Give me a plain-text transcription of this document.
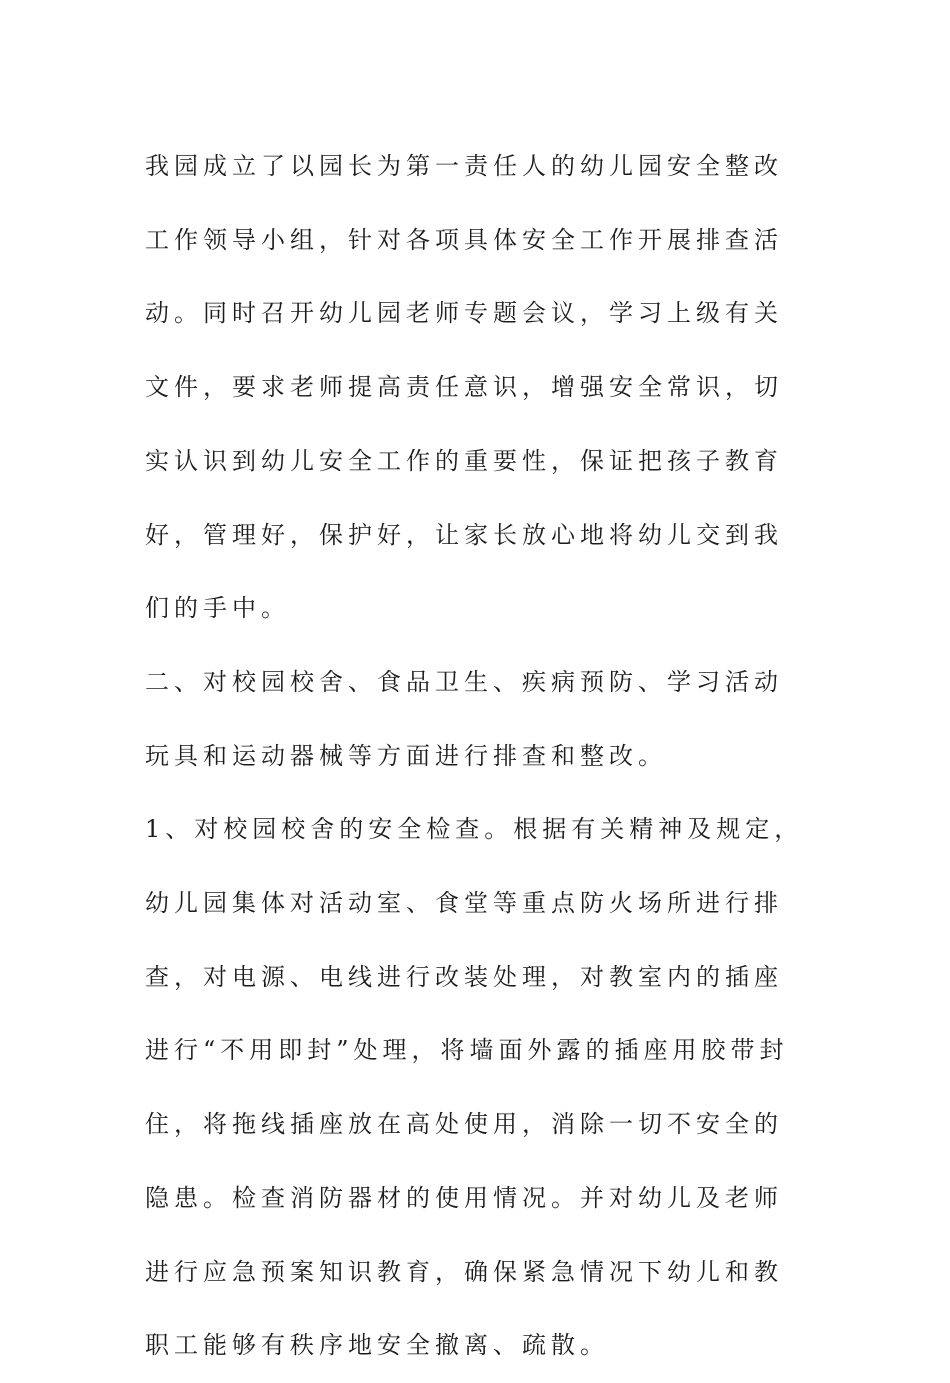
我园成立了以园长为第一责任人的幼儿园安全整改工作领导小组，针对各项具体安全工作开展排查活动。同时召开幼儿园老师专题会议，学习上级有关文件，要求老师提高责任意识，增强安全常识，切实认识到幼儿安全工作的重要性，保证把孩子教育好，管理好，保护好，让家长放心地将幼儿交到我们的手中。

二、对校园校舍、食品卫生、疾病预防、学习活动玩具和运动器械等方面进行排查和整改。

1、对校园校舍的安全检查。根据有关精神及规定，幼儿园集体对活动室、食堂等重点防火场所进行排查，对电源、电线进行改装处理，对教室内的插座进行“不用即封”处理，将墙面外露的插座用胶带封住，将拖线插座放在高处使用，消除一切不安全的隐患。检查消防器材的使用情况。并对幼儿及老师进行应急预案知识教育，确保紧急情况下幼儿和教职工能够有秩序地安全撤离、疏散。
